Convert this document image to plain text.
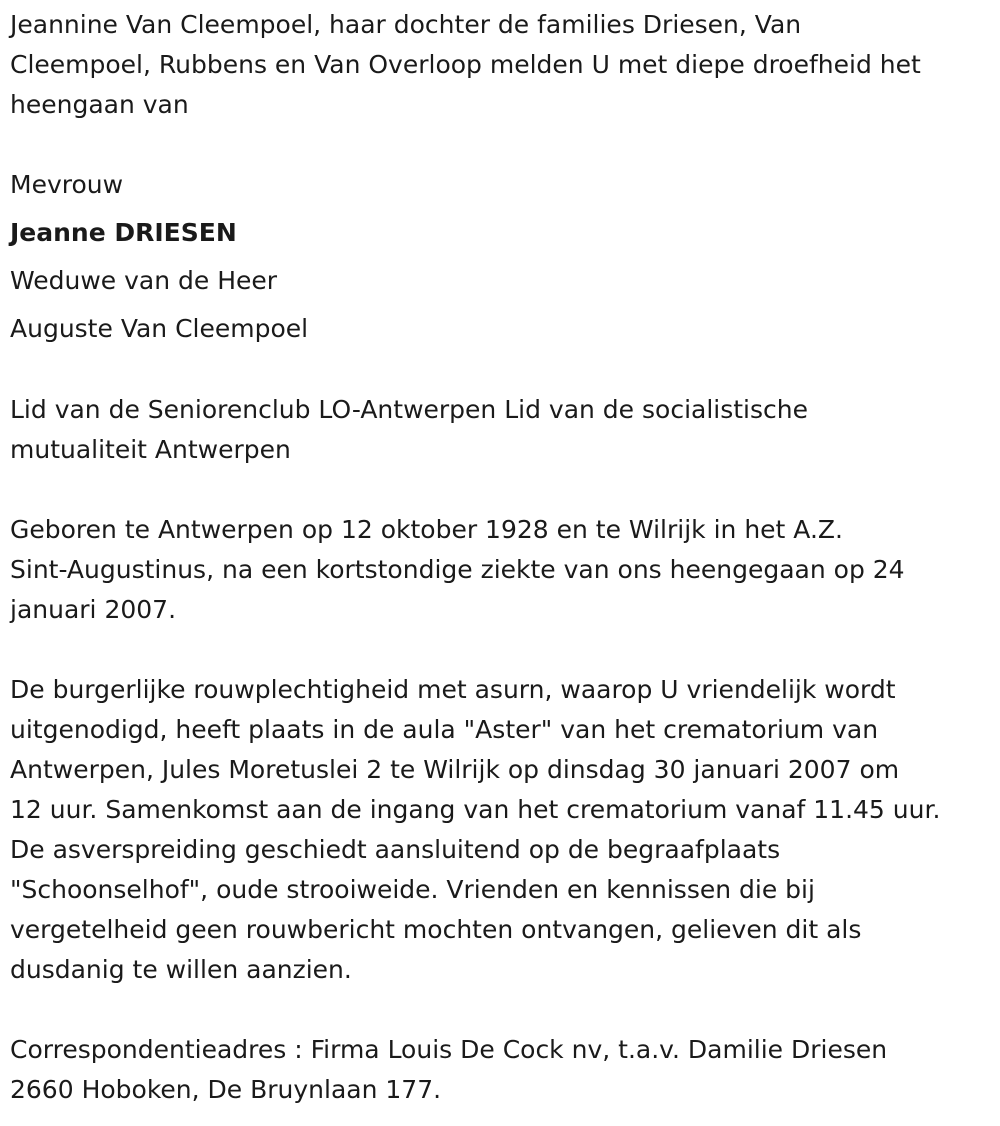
Jeannine Van Cleempoel, haar dochter de families Driesen, Van
Cleempoel, Rubbens en Van Overloop melden U met diepe droefheid het
heengaan van

Mevrouw

Jeanne DRIESEN

Weduwe van de Heer

Auguste Van Cleempoel

Lid van de Seniorenclub LO-Antwerpen Lid van de socialistische
mutualiteit Antwerpen

Geboren te Antwerpen op 12 oktober 1928 en te Wilrijk in het A.Z.
Sint-Augustinus, na een kortstondige ziekte van ons heengegaan op 24
januari 2007.

De burgerlijke rouwplechtigheid met asurn, waarop U vriendelijk wordt
uitgenodigd, heeft plaats in de aula "Aster" van het crematorium van
Antwerpen, Jules Moretuslei 2 te Wilrijk op dinsdag 30 januari 2007 om
12 uur. Samenkomst aan de ingang van het crematorium vanaf 11.45 uur.
De asverspreiding geschiedt aansluitend op de begraafplaats
"Schoonselhof", oude strooiweide. Vrienden en kennissen die bij
vergetelheid geen rouwbericht mochten ontvangen, gelieven dit als
dusdanig te willen aanzien.

Correspondentieadres : Firma Louis De Cock nv, t.a.v. Damilie Driesen
2660 Hoboken, De Bruynlaan 177.
